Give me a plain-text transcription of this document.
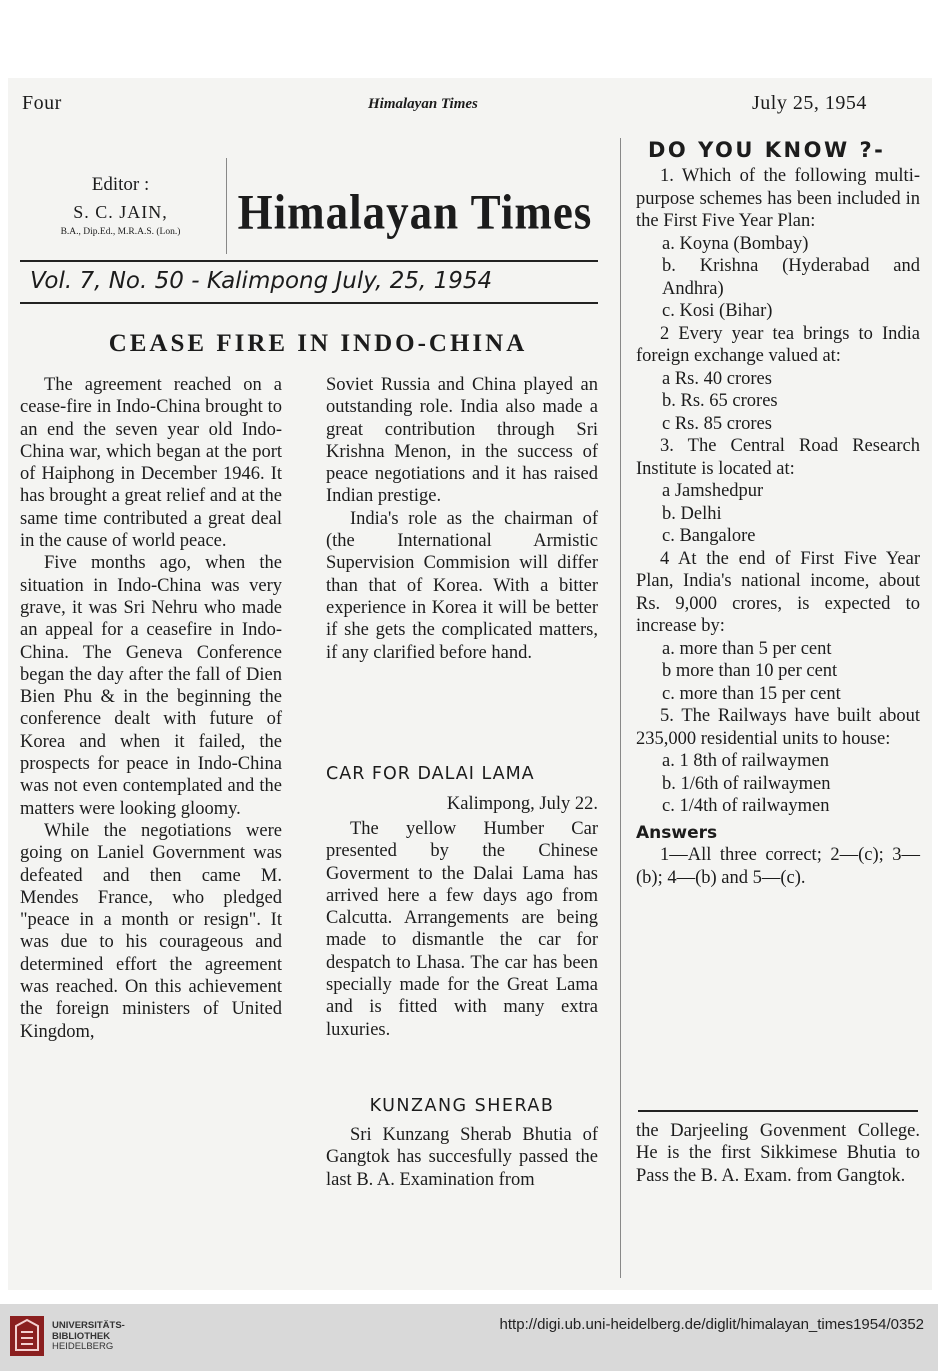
Four	Himalayan Times	July 25, 1954
Editor :
S. C. JAIN,
B.A., Dip.Ed., M.R.A.S. (Lon.)	Himalayan Times
Vol. 7, No. 50 - Kalimpong July, 25, 1954
CEASE FIRE IN INDO-CHINA

The agreement reached on a cease-fire in Indo-China brought to an end the seven year old Indo-China war, which began at the port of Haiphong in December 1946. It has brought a great relief and at the same time contributed a great deal in the cause of world peace.

Five months ago, when the situation in Indo-China was very grave, it was Sri Nehru who made an appeal for a ceasefire in Indo-China. The Geneva Conference began the day after the fall of Dien Bien Phu & in the beginning the conference dealt with future of Korea and when it failed, the prospects for peace in Indo-China was not even contemplated and the matters were looking gloomy.

While the negotiations were going on Laniel Government was defeated and then came M. Mendes France, who pledged "peace in a month or resign". It was due to his courageous and determined effort the agreement was reached. On this achievement the foreign ministers of United Kingdom,

Soviet Russia and China played an outstanding role. India also made a great contribution through Sri Krishna Menon, in the success of peace negotiations and it has raised Indian prestige.

India's role as the chairman of (the International Armistic Supervision Commision will differ than that of Korea. With a bitter experience in Korea it will be better if she gets the complicated matters, if any clarified before hand.

CAR FOR DALAI LAMA
Kalimpong, July 22.

The yellow Humber Car presented by the Chinese Goverment to the Dalai Lama has arrived here a few days ago from Calcutta. Arrangements are being made to dismantle the car for despatch to Lhasa. The car has been specially made for the Great Lama and is fitted with many extra luxuries.

KUNZANG SHERAB

Sri Kunzang Sherab Bhutia of Gangtok has succesfully passed the last B. A. Examination from

DO YOU KNOW ?-

1. Which of the following multi-purpose schemes has been included in the First Five Year Plan:

a. Koyna (Bombay)
b. Krishna (Hyderabad and Andhra)
c. Kosi (Bihar)

2 Every year tea brings to India foreign exchange valued at:

a Rs. 40 crores
b. Rs. 65 crores
c Rs. 85 crores

3. The Central Road Research Institute is located at:

a Jamshedpur
b. Delhi
c. Bangalore

4 At the end of First Five Year Plan, India's national income, about Rs. 9,000 crores, is expected to increase by:

a. more than 5 per cent
b more than 10 per cent
c. more than 15 per cent

5. The Railways have built about 235,000 residential units to house:

a. 1 8th of railwaymen
b. 1/6th of railwaymen
c. 1/4th of railwaymen
Answers

1—All three correct; 2—(c); 3—(b); 4—(b) and 5—(c).

the Darjeeling Govenment College. He is the first Sikkimese Bhutia to Pass the B. A. Exam. from Gangtok.

UNIVERSITÄTS-
BIBLIOTHEK
HEIDELBERG
http://digi.ub.uni-heidelberg.de/diglit/himalayan_times1954/0352
